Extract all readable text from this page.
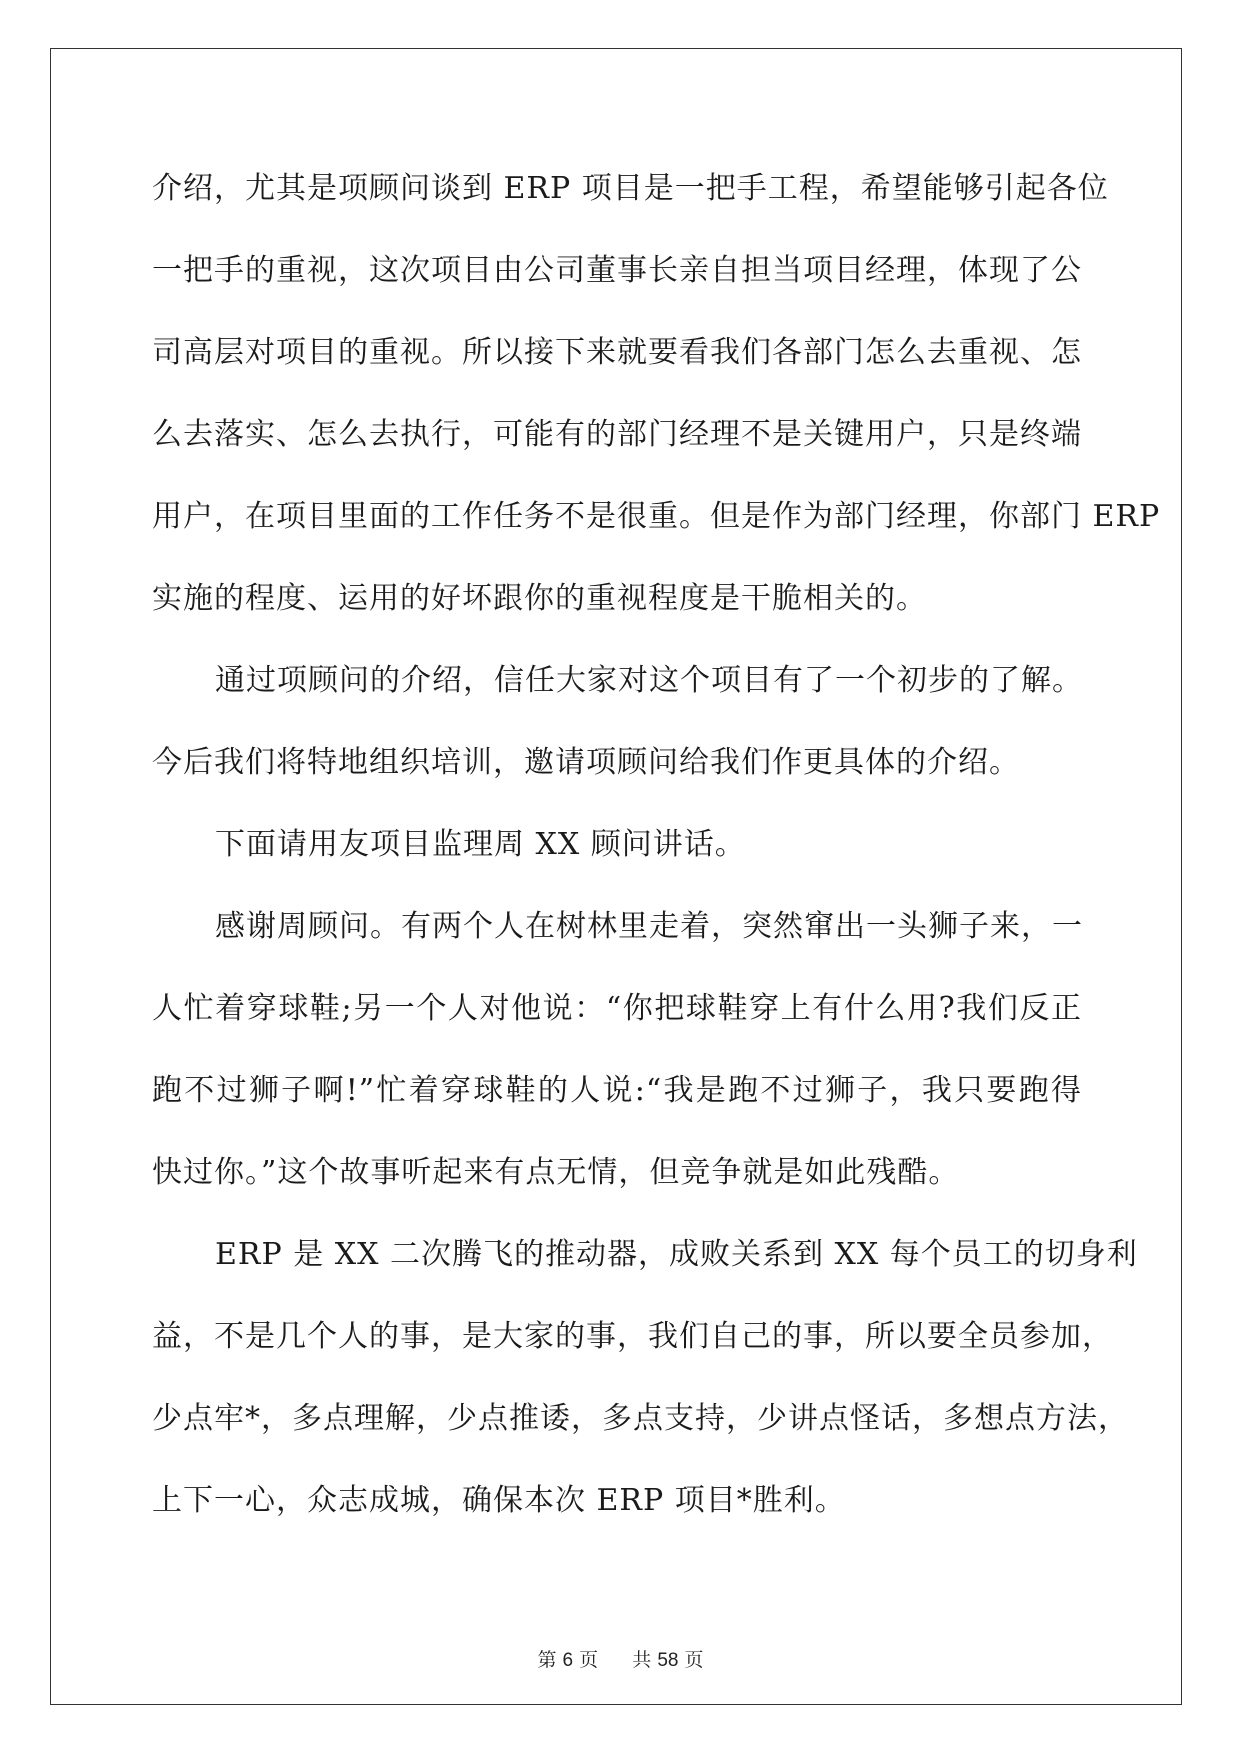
介绍，尤其是项顾问谈到 ERP 项目是一把手工程，希望能够引起各位
一把手的重视，这次项目由公司董事长亲自担当项目经理，体现了公
司高层对项目的重视。所以接下来就要看我们各部门怎么去重视、怎
么去落实、怎么去执行，可能有的部门经理不是关键用户，只是终端
用户，在项目里面的工作任务不是很重。但是作为部门经理，你部门 ERP
实施的程度、运用的好坏跟你的重视程度是干脆相关的。
通过项顾问的介绍，信任大家对这个项目有了一个初步的了解。
今后我们将特地组织培训，邀请项顾问给我们作更具体的介绍。
下面请用友项目监理周 XX 顾问讲话。
感谢周顾问。有两个人在树林里走着，突然窜出一头狮子来，一
人忙着穿球鞋;另一个人对他说：“你把球鞋穿上有什么用?我们反正
跑不过狮子啊!”忙着穿球鞋的人说:“我是跑不过狮子，我只要跑得
快过你。”这个故事听起来有点无情，但竞争就是如此残酷。
ERP 是 XX 二次腾飞的推动器，成败关系到 XX 每个员工的切身利
益，不是几个人的事，是大家的事，我们自己的事，所以要全员参加，
少点牢*，多点理解，少点推诿，多点支持，少讲点怪话，多想点方法，
上下一心，众志成城，确保本次 ERP 项目*胜利。
第 6 页 共 58 页
